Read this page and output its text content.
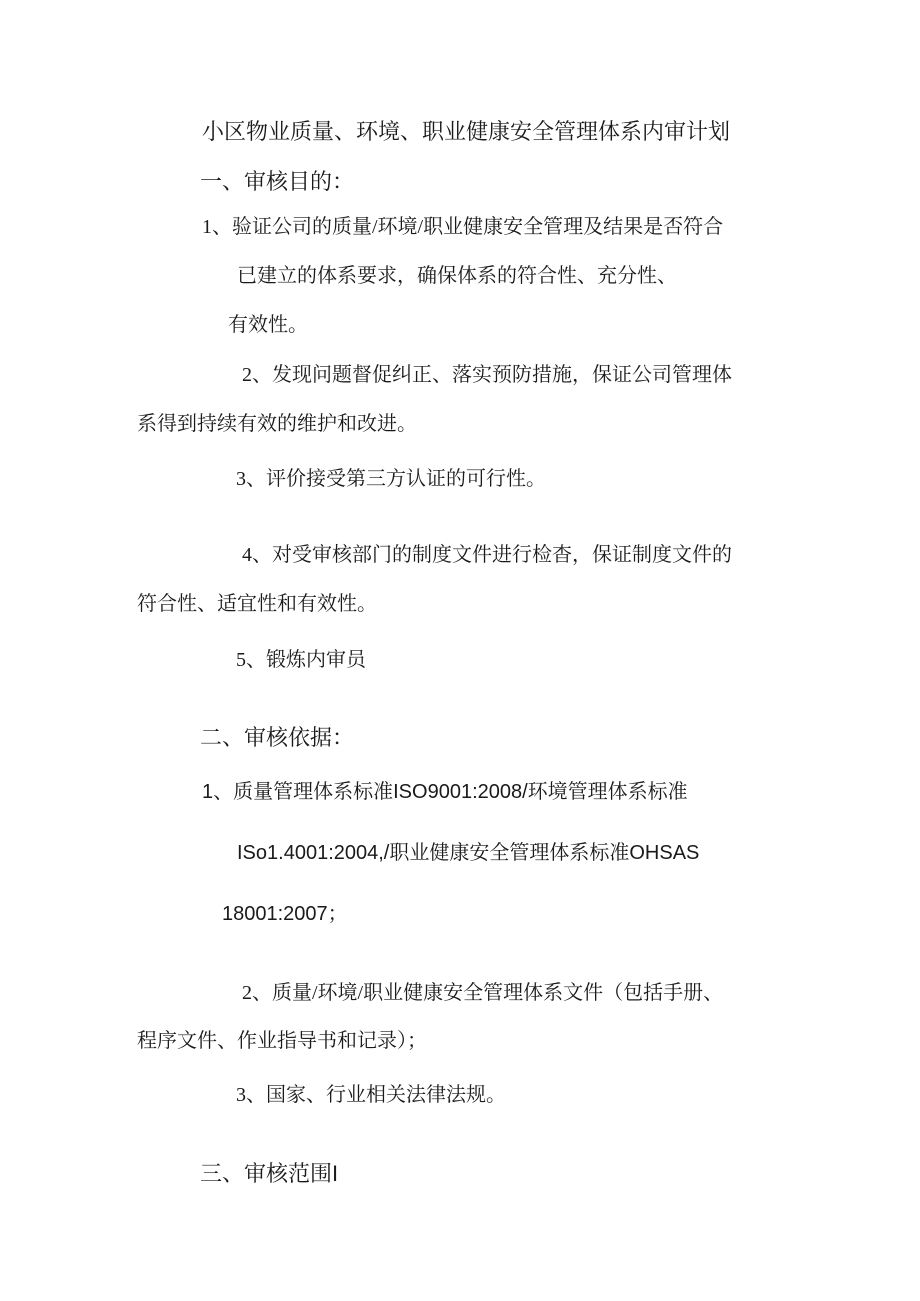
小区物业质量、环境、职业健康安全管理体系内审计划
一、审核目的：
1、验证公司的质量/环境/职业健康安全管理及结果是否符合
已建立的体系要求，确保体系的符合性、充分性、
有效性。
2、发现问题督促纠正、落实预防措施，保证公司管理体
系得到持续有效的维护和改进。
3、评价接受第三方认证的可行性。
4、对受审核部门的制度文件进行检杳，保证制度文件的
符合性、适宜性和有效性。
5、锻炼内审员
二、审核依据：
1、质量管理体系标准ISO9001:2008/环境管理体系标准
ISo1.4001:2004,/职业健康安全管理体系标准OHSAS
18001:2007；
2、质量/环境/职业健康安全管理体系文件（包括手册、
程序文件、作业指导书和记录）；
3、国家、行业相关法律法规。
三、审核范围I
